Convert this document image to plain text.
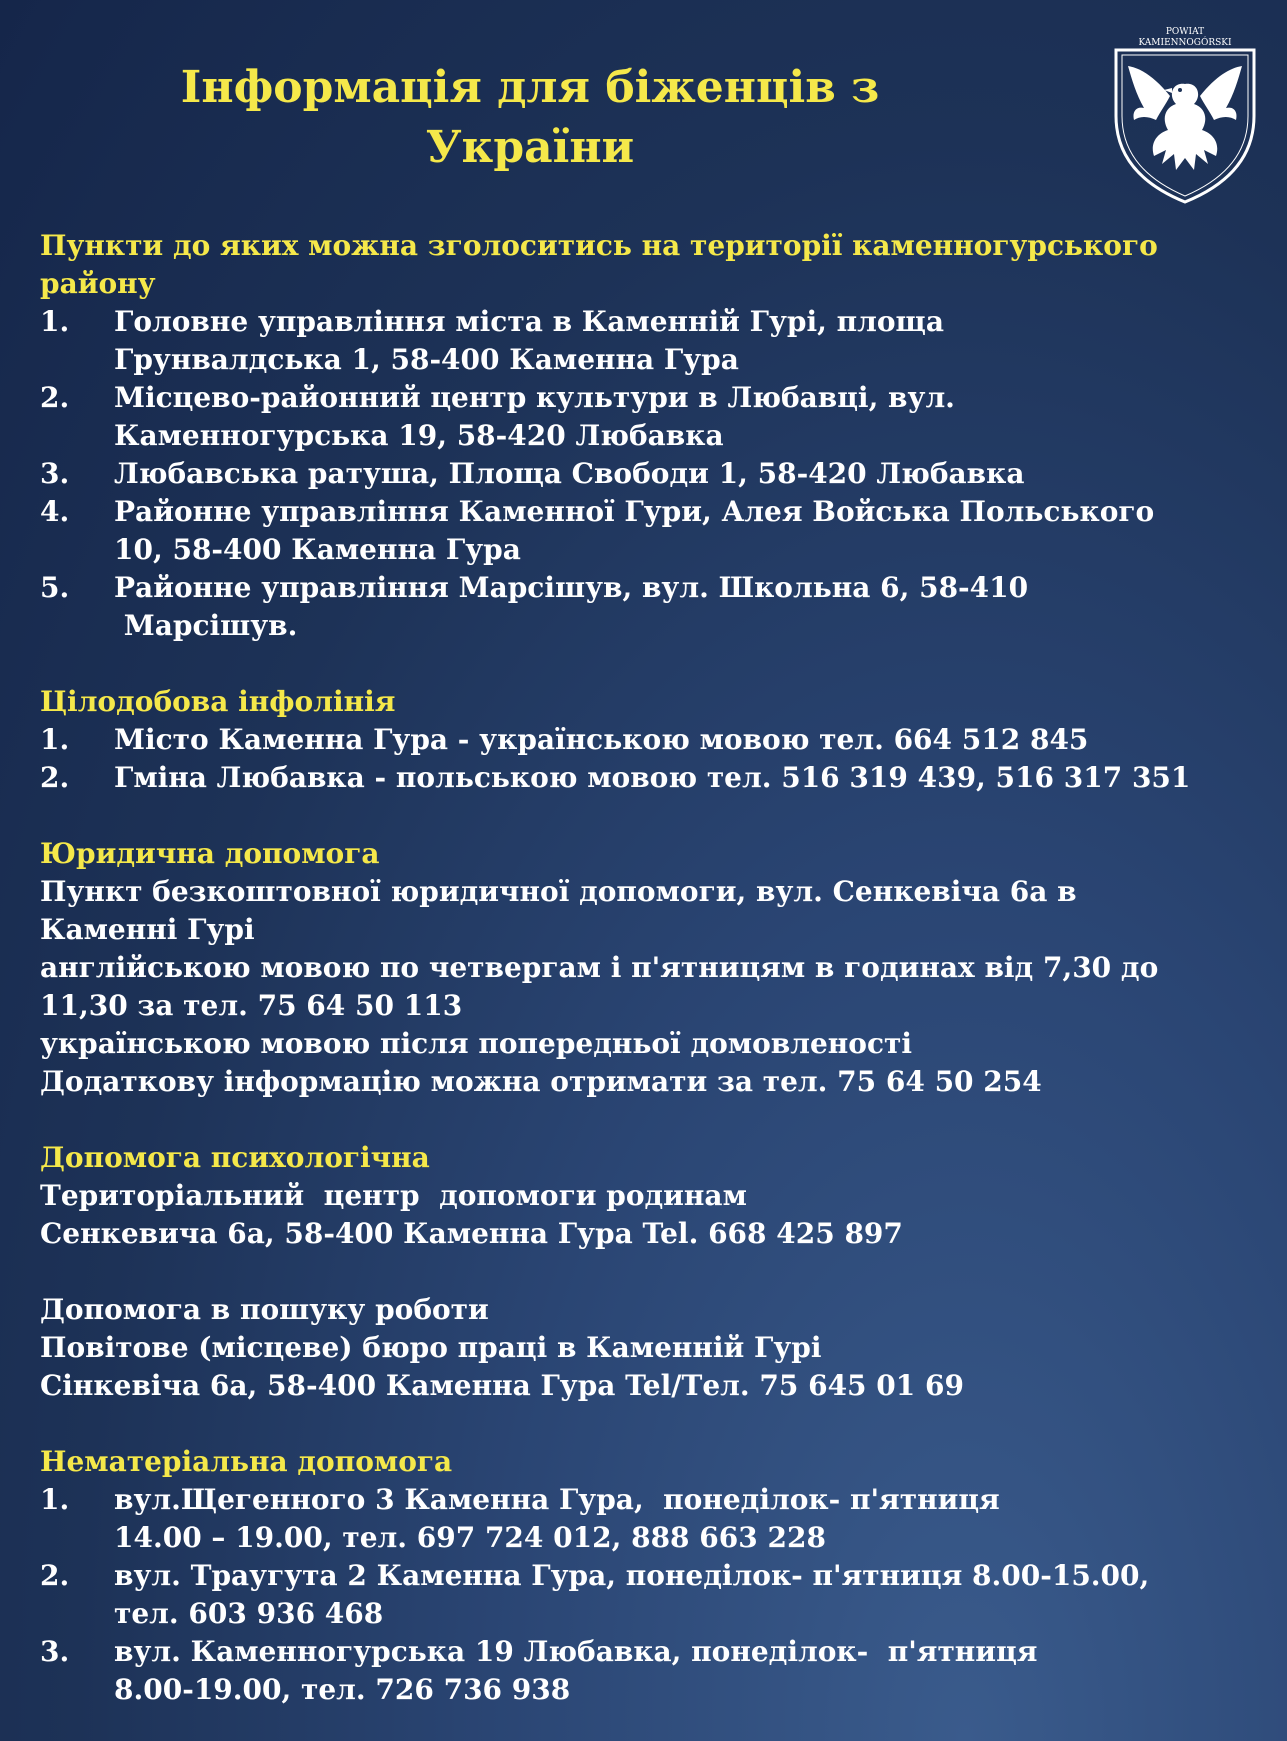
Інформація для біженців з
України
POWIAT
KAMIENNOGÓRSKI
Пункти до яких можна зголоситись на території каменногурського
району
1.	Головне управління міста в Каменній Гурі, площа
Грунвалдська 1, 58-400 Каменна Гура
2.	Місцево-районний центр культури в Любавці, вул.
Каменногурська 19, 58-420 Любавка
3.	Любавська ратуша, Площа Свободи 1, 58-420 Любавка
4.	Районне управління Каменної Гури, Алея Войська Польського
10, 58-400 Каменна Гура
5.	Районне управління Марсішув, вул. Школьна 6, 58-410
Марсішув.
Цілодобова інфолінія
1.	Місто Каменна Гура - українською мовою тел. 664 512 845
2.	Гміна Любавка - польською мовою тел. 516 319 439, 516 317 351
Юридична допомога
Пункт безкоштовної юридичної допомоги, вул. Сенкевіча 6а в
Каменні Гурі
англійською мовою по четвергам і п'ятницям в годинах від 7,30 до
11,30 за тел. 75 64 50 113
українською мовою після попередньої домовленості
Додаткову інформацію можна отримати за тел. 75 64 50 254
Допомога психологічна
Територіальний  центр  допомоги родинам
Сенкевича 6а, 58-400 Каменна Гура Tel. 668 425 897
Допомога в пошуку роботи
Повітове (місцеве) бюро праці в Каменній Гурі
Сінкевіча 6а, 58-400 Каменна Гура Tel/Тел. 75 645 01 69
Нематеріальна допомога
1.	вул.Щегенного 3 Каменна Гура,  понеділок- п'ятниця
14.00 – 19.00, тел. 697 724 012, 888 663 228
2.	вул. Траугута 2 Каменна Гура, понеділок- п'ятниця 8.00-15.00,
тел. 603 936 468
3.	вул. Каменногурська 19 Любавка, понеділок-  п'ятниця
8.00-19.00, тел. 726 736 938
